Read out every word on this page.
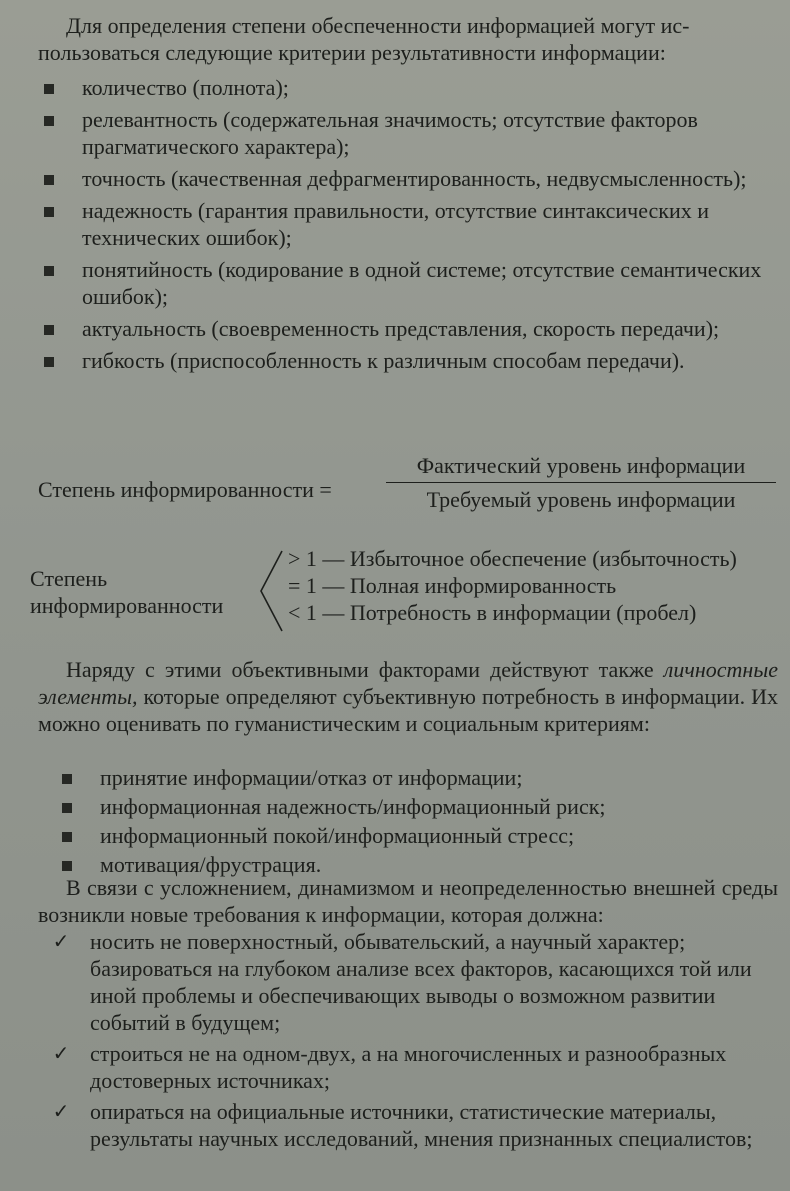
Для определения степени обеспеченности информацией могут ис-
пользоваться следующие критерии результативности информации:
количество (полнота);
релевантность (содержательная значимость; отсутствие факторов прагматического характера);
точность (качественная дефрагментированность, недвусмысленность);
надежность (гарантия правильности, отсутствие синтаксических и технических ошибок);
понятийность (кодирование в одной системе; отсутствие семантических ошибок);
актуальность (своевременность представления, скорость передачи);
гибкость (приспособленность к различным способам передачи).
Степень информированности =
Фактический уровень информации
Требуемый уровень информации
Степень
информированности
> 1 — Избыточное обеспечение (избыточность)
= 1 — Полная информированность
< 1 — Потребность в информации (пробел)
Наряду с этими объективными факторами действуют также личностные элементы, которые определяют субъективную потребность в информации. Их можно оценивать по гуманистическим и социальным критериям:
принятие информации/отказ от информации;
информационная надежность/информационный риск;
информационный покой/информационный стресс;
мотивация/фрустрация.
В связи с усложнением, динамизмом и неопределенностью внешней среды возникли новые требования к информации, которая должна:
✓ носить не поверхностный, обывательский, а научный характер; базироваться на глубоком анализе всех факторов, касающихся той или иной проблемы и обеспечивающих выводы о возможном развитии событий в будущем;
✓ строиться не на одном-двух, а на многочисленных и разнообразных достоверных источниках;
✓ опираться на официальные источники, статистические материалы, результаты научных исследований, мнения признанных специалистов;
